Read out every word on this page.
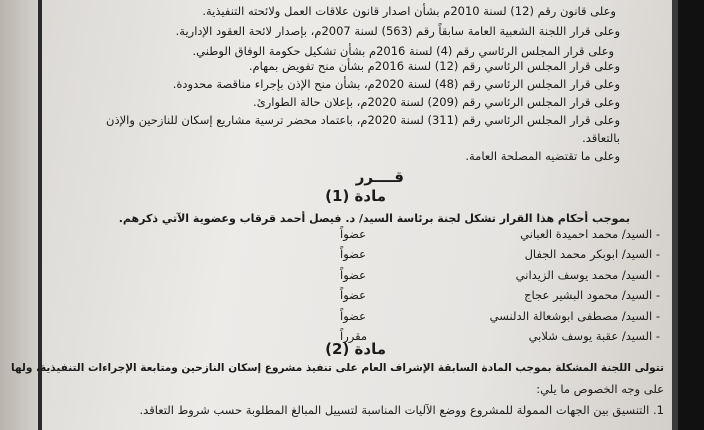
وعلى قانون رقم (12) لسنة 2010م بشأن اصدار قانون علاقات العمل ولائحته التنفيذية.
وعلى قرار اللجنة الشعبية العامة سابقاً رقم (563) لسنة 2007م، بإصدار لائحة العقود الإدارية.
وعلى قرار المجلس الرئاسي رقم (4) لسنة 2016م بشأن تشكيل حكومة الوفاق الوطني.
وعلى قرار المجلس الرئاسي رقم (12) لسنة 2016م بشأن منح تفويض بمهام.
وعلى قرار المجلس الرئاسي رقم (48) لسنة 2020م، بشأن منح الإذن بإجراء مناقصة محدودة.
وعلى قرار المجلس الرئاسي رقم (209) لسنة 2020م، بإعلان حالة الطوارئ.
وعلى قرار المجلس الرئاسي رقم (311) لسنة 2020م، باعتماد محضر ترسية مشاريع إسكان للنازحين والإذن
بالتعاقد.
وعلى ما تقتضيه المصلحة العامة.
قــــرر
مادة (1)
بموجب أحكام هذا القرار تشكل لجنة برئاسة السيد/ د. فيصل أحمد قرقاب وعضوية الآتي ذكرهم.
- السيد/ محمد احميدة العباني
عضواً
- السيد/ ابوبكر محمد الجفال
عضواً
- السيد/ محمد يوسف الزيداني
عضواً
- السيد/ محمود البشير عجاج
عضواً
- السيد/ مصطفى ابوشعالة الدلنسي
عضواً
- السيد/ عقبة يوسف شلابي
مقرراً
مادة (2)
تتولى اللجنة المشكلة بموجب المادة السابقة الإشراف العام على تنفيذ مشروع إسكان النازحين ومتابعة الإجراءات التنفيذية، ولها
على وجه الخصوص ما يلي:
1. التنسيق بين الجهات الممولة للمشروع ووضع الآليات المناسبة لتسييل المبالغ المطلوبة حسب شروط التعاقد.
